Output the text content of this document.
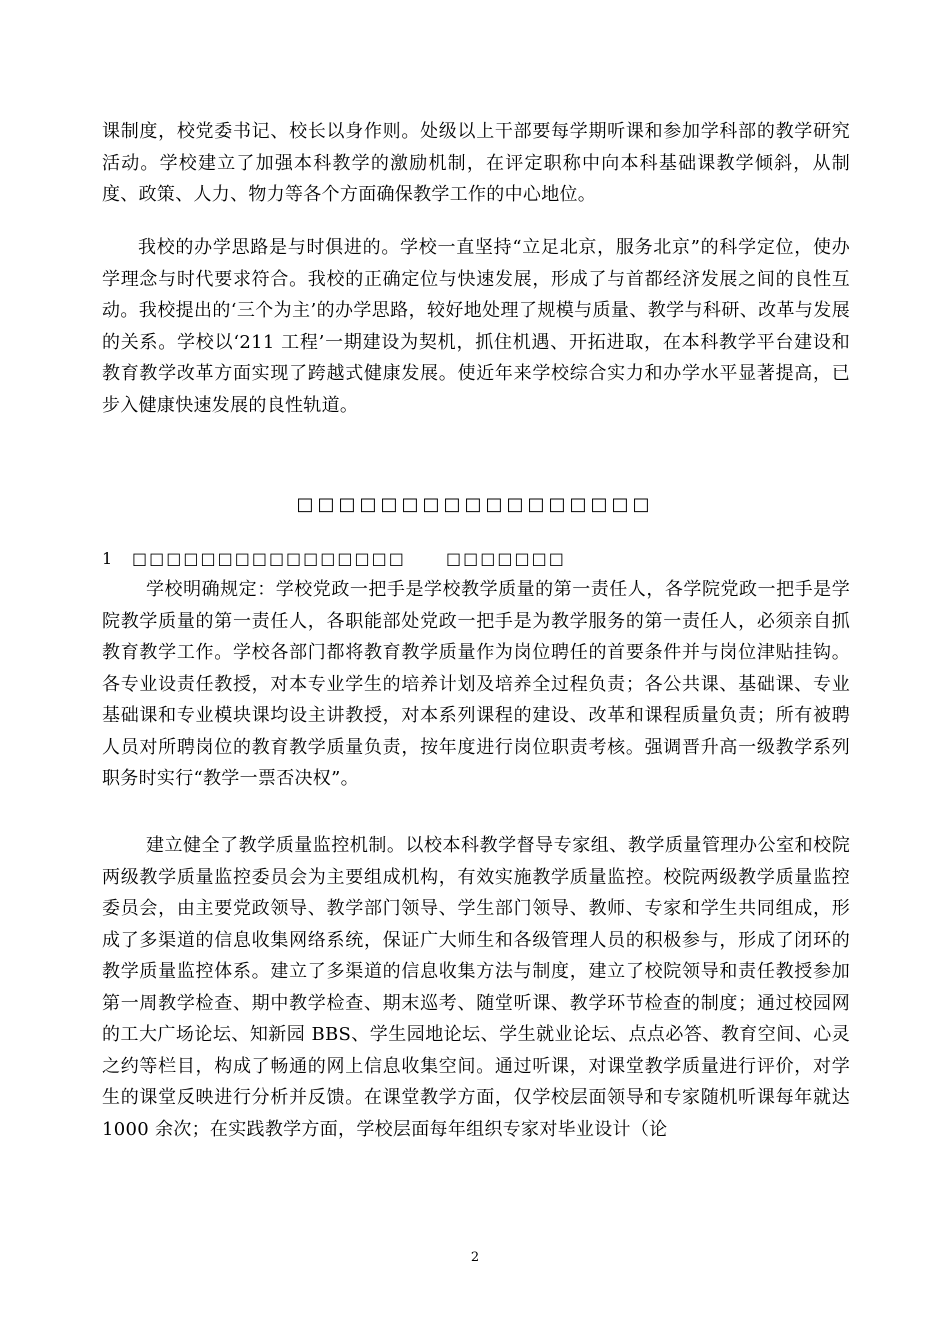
课制度，校党委书记、校长以身作则。处级以上干部要每学期听课和参加学科部的教学研究活动。学校建立了加强本科教学的激励机制，在评定职称中向本科基础课教学倾斜，从制度、政策、人力、物力等各个方面确保教学工作的中心地位。

我校的办学思路是与时俱进的。学校一直坚持“立足北京，服务北京”的科学定位，使办学理念与时代要求符合。我校的正确定位与快速发展，形成了与首都经济发展之间的良性互动。我校提出的‘三个为主’的办学思路，较好地处理了规模与质量、教学与科研、改革与发展的关系。学校以‘211 工程’一期建设为契机，抓住机遇、开拓进取，在本科教学平台建设和教育教学改革方面实现了跨越式健康发展。使近年来学校综合实力和办学水平显著提高，已步入健康快速发展的良性轨道。

□□□□□□□□□□□□□□□□□

1 □□□□□□□□□□□□□□□□	□□□□□□□

学校明确规定：学校党政一把手是学校教学质量的第一责任人，各学院党政一把手是学院教学质量的第一责任人，各职能部处党政一把手是为教学服务的第一责任人，必须亲自抓教育教学工作。学校各部门都将教育教学质量作为岗位聘任的首要条件并与岗位津贴挂钩。各专业设责任教授，对本专业学生的培养计划及培养全过程负责；各公共课、基础课、专业基础课和专业模块课均设主讲教授，对本系列课程的建设、改革和课程质量负责；所有被聘人员对所聘岗位的教育教学质量负责，按年度进行岗位职责考核。强调晋升高一级教学系列职务时实行“教学一票否决权”。

建立健全了教学质量监控机制。以校本科教学督导专家组、教学质量管理办公室和校院两级教学质量监控委员会为主要组成机构，有效实施教学质量监控。校院两级教学质量监控委员会，由主要党政领导、教学部门领导、学生部门领导、教师、专家和学生共同组成，形成了多渠道的信息收集网络系统，保证广大师生和各级管理人员的积极参与，形成了闭环的教学质量监控体系。建立了多渠道的信息收集方法与制度，建立了校院领导和责任教授参加第一周教学检查、期中教学检查、期末巡考、随堂听课、教学环节检查的制度；通过校园网的工大广场论坛、知新园 BBS、学生园地论坛、学生就业论坛、点点必答、教育空间、心灵之约等栏目，构成了畅通的网上信息收集空间。通过听课，对课堂教学质量进行评价，对学生的课堂反映进行分析并反馈。在课堂教学方面，仅学校层面领导和专家随机听课每年就达 1000 余次；在实践教学方面，学校层面每年组织专家对毕业设计（论

2
